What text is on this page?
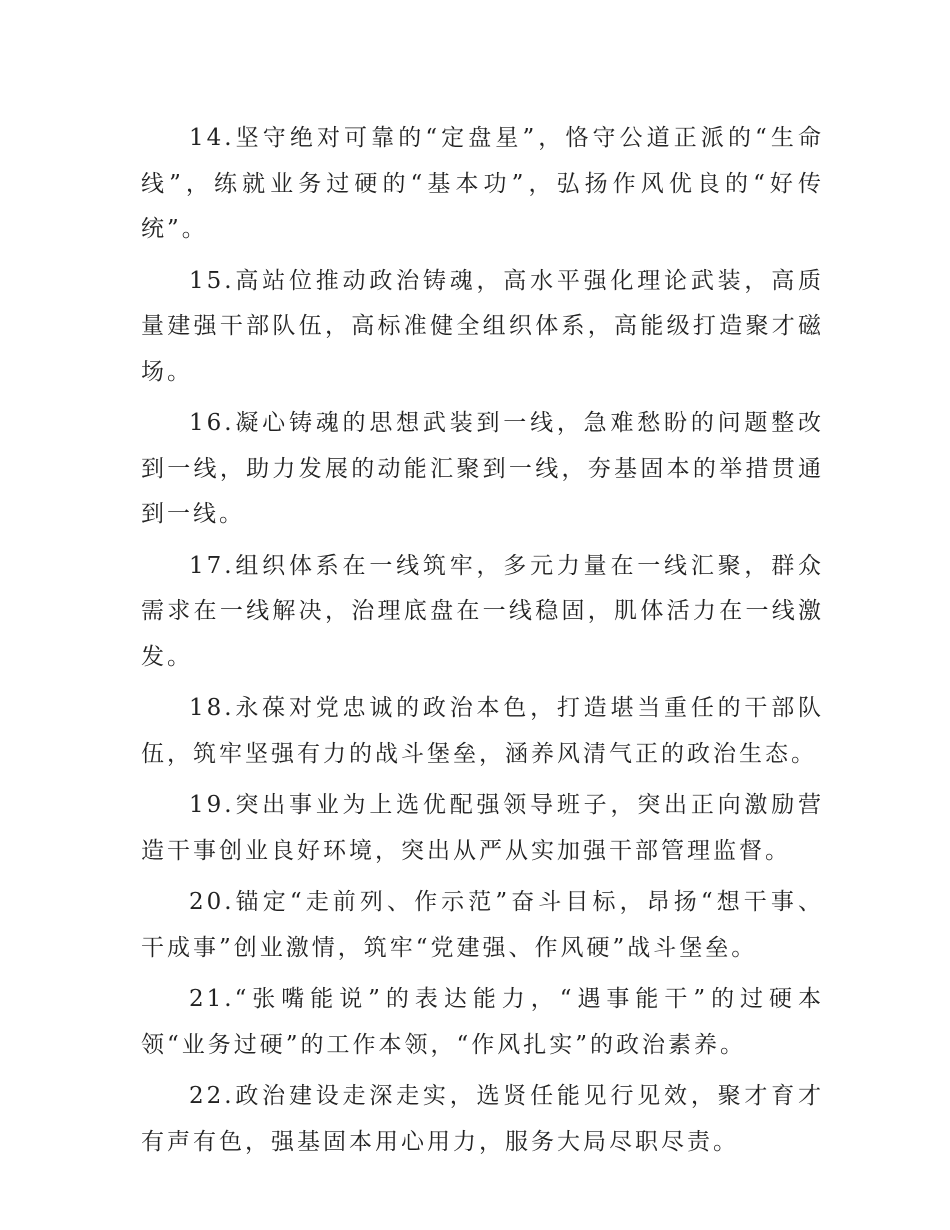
14.坚守绝对可靠的“定盘星”，恪守公道正派的“生命线”，练就业务过硬的“基本功”，弘扬作风优良的“好传统”。

15.高站位推动政治铸魂，高水平强化理论武装，高质量建强干部队伍，高标准健全组织体系，高能级打造聚才磁场。

16.凝心铸魂的思想武装到一线，急难愁盼的问题整改到一线，助力发展的动能汇聚到一线，夯基固本的举措贯通到一线。

17.组织体系在一线筑牢，多元力量在一线汇聚，群众需求在一线解决，治理底盘在一线稳固，肌体活力在一线激发。

18.永葆对党忠诚的政治本色，打造堪当重任的干部队伍，筑牢坚强有力的战斗堡垒，涵养风清气正的政治生态。

19.突出事业为上选优配强领导班子，突出正向激励营造干事创业良好环境，突出从严从实加强干部管理监督。

20.锚定“走前列、作示范”奋斗目标，昂扬“想干事、干成事”创业激情，筑牢“党建强、作风硬”战斗堡垒。

21.“张嘴能说”的表达能力，“遇事能干”的过硬本领“业务过硬”的工作本领，“作风扎实”的政治素养。

22.政治建设走深走实，选贤任能见行见效，聚才育才有声有色，强基固本用心用力，服务大局尽职尽责。
